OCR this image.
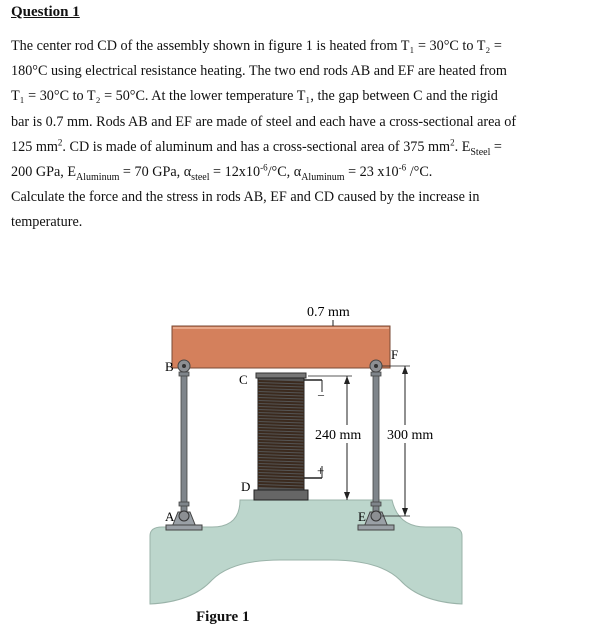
Question 1

The center rod CD of the assembly shown in figure 1 is heated from T₁ = 30°C to T₂ =
180°C using electrical resistance heating. The two end rods AB and EF are heated from
T₁ = 30°C to T₂ = 50°C. At the lower temperature T₁, the gap between C and the rigid
bar is 0.7 mm. Rods AB and EF are made of steel and each have a cross-sectional area of
125 $mm^2$. CD is made of aluminum and has a cross-sectional area of 375 $mm^2$. $E_{Steel}$ =
200 GPa, $E_{Aluminum} = 70$ GPa, $\alpha_{steel} = 12x10^{-6}/^\circ C$, $\alpha_{Aluminum} = 23$ $x10^{-6}$ /°C.
Calculate the force and the stress in rods AB, EF and CD caused by the increase in
temperature.

0.7 mm
240 mm 300 mm
A
B
C
D
E
F
–
+
Figure 1
